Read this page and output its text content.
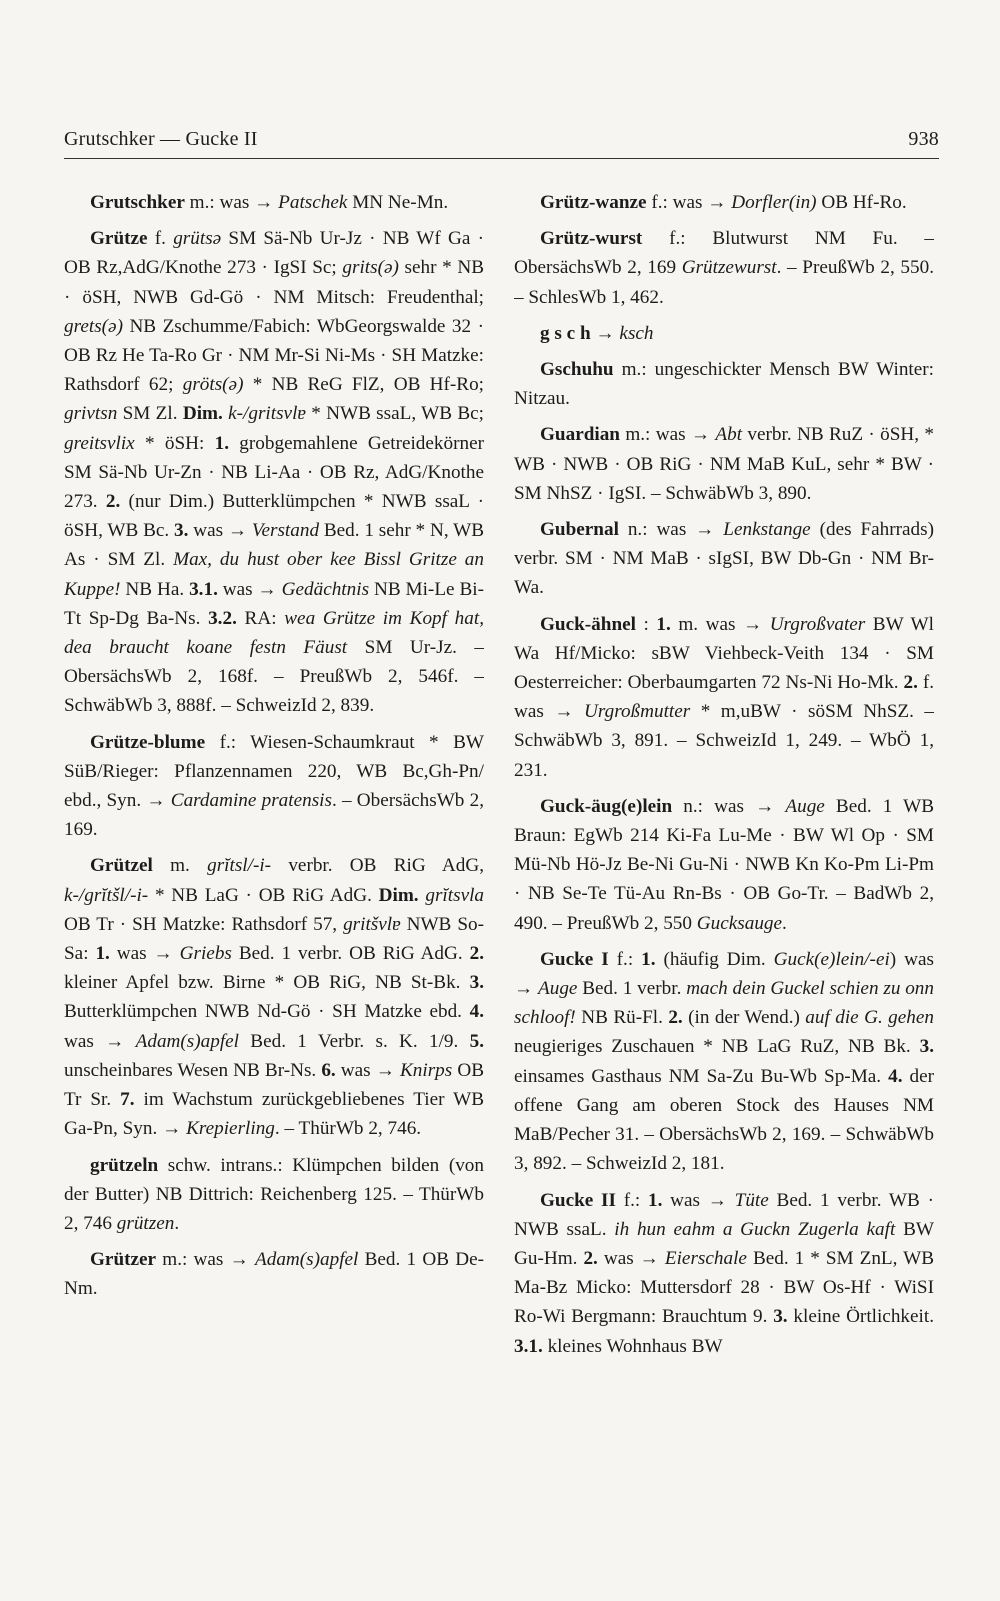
Grutschker — Gucke II	938

Grutschker m.: was → Patschek MN Ne-Mn.

Grütze f. grütsə SM Sä-Nb Ur-Jz · NB Wf Ga · OB Rz,AdG/Knothe 273 · IgSI Sc; grits(ə) sehr * NB · öSH, NWB Gd-Gö · NM Mitsch: Freudenthal; grets(ə) NB Zschumme/Fabich: WbGeorgswalde 32 · OB Rz He Ta-Ro Gr · NM Mr-Si Ni-Ms · SH Matzke: Rathsdorf 62; gröts(ə) * NB ReG FlZ, OB Hf-Ro; grivtsn SM Zl. Dim. k-/gritsvlɐ * NWB ssaL, WB Bc; greitsvlix * öSH: 1. grobgemahlene Getreidekörner SM Sä-Nb Ur-Zn · NB Li-Aa · OB Rz, AdG/Knothe 273. 2. (nur Dim.) Butterklümpchen * NWB ssaL · öSH, WB Bc. 3. was → Verstand Bed. 1 sehr * N, WB As · SM Zl. Max, du hust ober kee Bissl Gritze an Kuppe! NB Ha. 3.1. was → Gedächtnis NB Mi-Le Bi-Tt Sp-Dg Ba-Ns. 3.2. RA: wea Grütze im Kopf hat, dea braucht koane festn Fäust SM Ur-Jz. – ObersächsWb 2, 168f. – PreußWb 2, 546f. – SchwäbWb 3, 888f. – SchweizId 2, 839.

Grütze-blume f.: Wiesen-Schaumkraut * BW SüB/Rieger: Pflanzennamen 220, WB Bc,Gh-Pn/ ebd., Syn. → Cardamine pratensis. – ObersächsWb 2, 169.

Grützel m. grĭtsl/-i- verbr. OB RiG AdG, k-/grĭtšl/-i- * NB LaG · OB RiG AdG. Dim. grĭtsvla OB Tr · SH Matzke: Rathsdorf 57, gritšvlɐ NWB So-Sa: 1. was → Griebs Bed. 1 verbr. OB RiG AdG. 2. kleiner Apfel bzw. Birne * OB RiG, NB St-Bk. 3. Butterklümpchen NWB Nd-Gö · SH Matzke ebd. 4. was → Adam(s)apfel Bed. 1 Verbr. s. K. 1/9. 5. unscheinbares Wesen NB Br-Ns. 6. was → Knirps OB Tr Sr. 7. im Wachstum zurückgebliebenes Tier WB Ga-Pn, Syn. → Krepierling. – ThürWb 2, 746.

grützeln schw. intrans.: Klümpchen bilden (von der Butter) NB Dittrich: Reichenberg 125. – ThürWb 2, 746 grützen.

Grützer m.: was → Adam(s)apfel Bed. 1 OB De-Nm.

Grütz-wanze f.: was → Dorfler(in) OB Hf-Ro.

Grütz-wurst f.: Blutwurst NM Fu. – ObersächsWb 2, 169 Grützewurst. – PreußWb 2, 550. – SchlesWb 1, 462.

g s c h → ksch

Gschuhu m.: ungeschickter Mensch BW Winter: Nitzau.

Guardian m.: was → Abt verbr. NB RuZ · öSH, * WB · NWB · OB RiG · NM MaB KuL, sehr * BW · SM NhSZ · IgSI. – SchwäbWb 3, 890.

Gubernal n.: was → Lenkstange (des Fahrrads) verbr. SM · NM MaB · sIgSI, BW Db-Gn · NM Br-Wa.

Guck-ähnel : 1. m. was → Urgroßvater BW Wl Wa Hf/Micko: sBW Viehbeck-Veith 134 · SM Oesterreicher: Oberbaumgarten 72 Ns-Ni Ho-Mk. 2. f. was → Urgroßmutter * m,uBW · söSM NhSZ. – SchwäbWb 3, 891. – SchweizId 1, 249. – WbÖ 1, 231.

Guck-äug(e)lein n.: was → Auge Bed. 1 WB Braun: EgWb 214 Ki-Fa Lu-Me · BW Wl Op · SM Mü-Nb Hö-Jz Be-Ni Gu-Ni · NWB Kn Ko-Pm Li-Pm · NB Se-Te Tü-Au Rn-Bs · OB Go-Tr. – BadWb 2, 490. – PreußWb 2, 550 Gucksauge.

Gucke I f.: 1. (häufig Dim. Guck(e)lein/-ei) was → Auge Bed. 1 verbr. mach dein Guckel schien zu onn schloof! NB Rü-Fl. 2. (in der Wend.) auf die G. gehen neugieriges Zuschauen * NB LaG RuZ, NB Bk. 3. einsames Gasthaus NM Sa-Zu Bu-Wb Sp-Ma. 4. der offene Gang am oberen Stock des Hauses NM MaB/Pecher 31. – ObersächsWb 2, 169. – SchwäbWb 3, 892. – SchweizId 2, 181.

Gucke II f.: 1. was → Tüte Bed. 1 verbr. WB · NWB ssaL. ih hun eahm a Guckn Zugerla kaft BW Gu-Hm. 2. was → Eierschale Bed. 1 * SM ZnL, WB Ma-Bz Micko: Muttersdorf 28 · BW Os-Hf · WiSI Ro-Wi Bergmann: Brauchtum 9. 3. kleine Örtlichkeit. 3.1. kleines Wohnhaus BW
